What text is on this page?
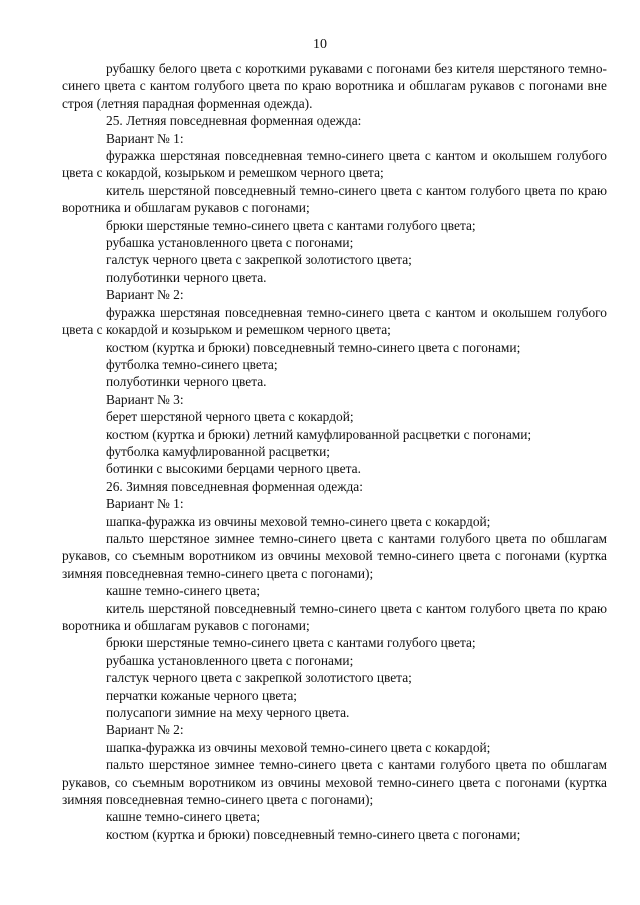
10

рубашку белого цвета с короткими рукавами с погонами без кителя шерстяного темно-синего цвета с кантом голубого цвета по краю воротника и обшлагам рукавов с погонами вне строя (летняя парадная форменная одежда).

25. Летняя повседневная форменная одежда:

Вариант № 1:

фуражка шерстяная повседневная темно-синего цвета с кантом и околышем голубого цвета с кокардой, козырьком и ремешком черного цвета;

китель шерстяной повседневный темно-синего цвета с кантом голубого цвета по краю воротника и обшлагам рукавов с погонами;

брюки шерстяные темно-синего цвета с кантами голубого цвета;

рубашка установленного цвета с погонами;

галстук черного цвета с закрепкой золотистого цвета;

полуботинки черного цвета.

Вариант № 2:

фуражка шерстяная повседневная темно-синего цвета с кантом и околышем голубого цвета с кокардой и козырьком и ремешком черного цвета;

костюм (куртка и брюки) повседневный темно-синего цвета с погонами;

футболка темно-синего цвета;

полуботинки черного цвета.

Вариант № 3:

берет шерстяной черного цвета с кокардой;

костюм (куртка и брюки) летний камуфлированной расцветки с погонами;

футболка камуфлированной расцветки;

ботинки с высокими берцами черного цвета.

26. Зимняя повседневная форменная одежда:

Вариант № 1:

шапка-фуражка из овчины меховой темно-синего цвета с кокардой;

пальто шерстяное зимнее темно-синего цвета с кантами голубого цвета по обшлагам рукавов, со съемным воротником из овчины меховой темно-синего цвета с погонами (куртка зимняя повседневная темно-синего цвета с погонами);

кашне темно-синего цвета;

китель шерстяной повседневный темно-синего цвета с кантом голубого цвета по краю воротника и обшлагам рукавов с погонами;

брюки шерстяные темно-синего цвета с кантами голубого цвета;

рубашка установленного цвета с погонами;

галстук черного цвета с закрепкой золотистого цвета;

перчатки кожаные черного цвета;

полусапоги зимние на меху черного цвета.

Вариант № 2:

шапка-фуражка из овчины меховой темно-синего цвета с кокардой;

пальто шерстяное зимнее темно-синего цвета с кантами голубого цвета по обшлагам рукавов, со съемным воротником из овчины меховой темно-синего цвета с погонами (куртка зимняя повседневная темно-синего цвета с погонами);

кашне темно-синего цвета;

костюм (куртка и брюки) повседневный темно-синего цвета с погонами;
